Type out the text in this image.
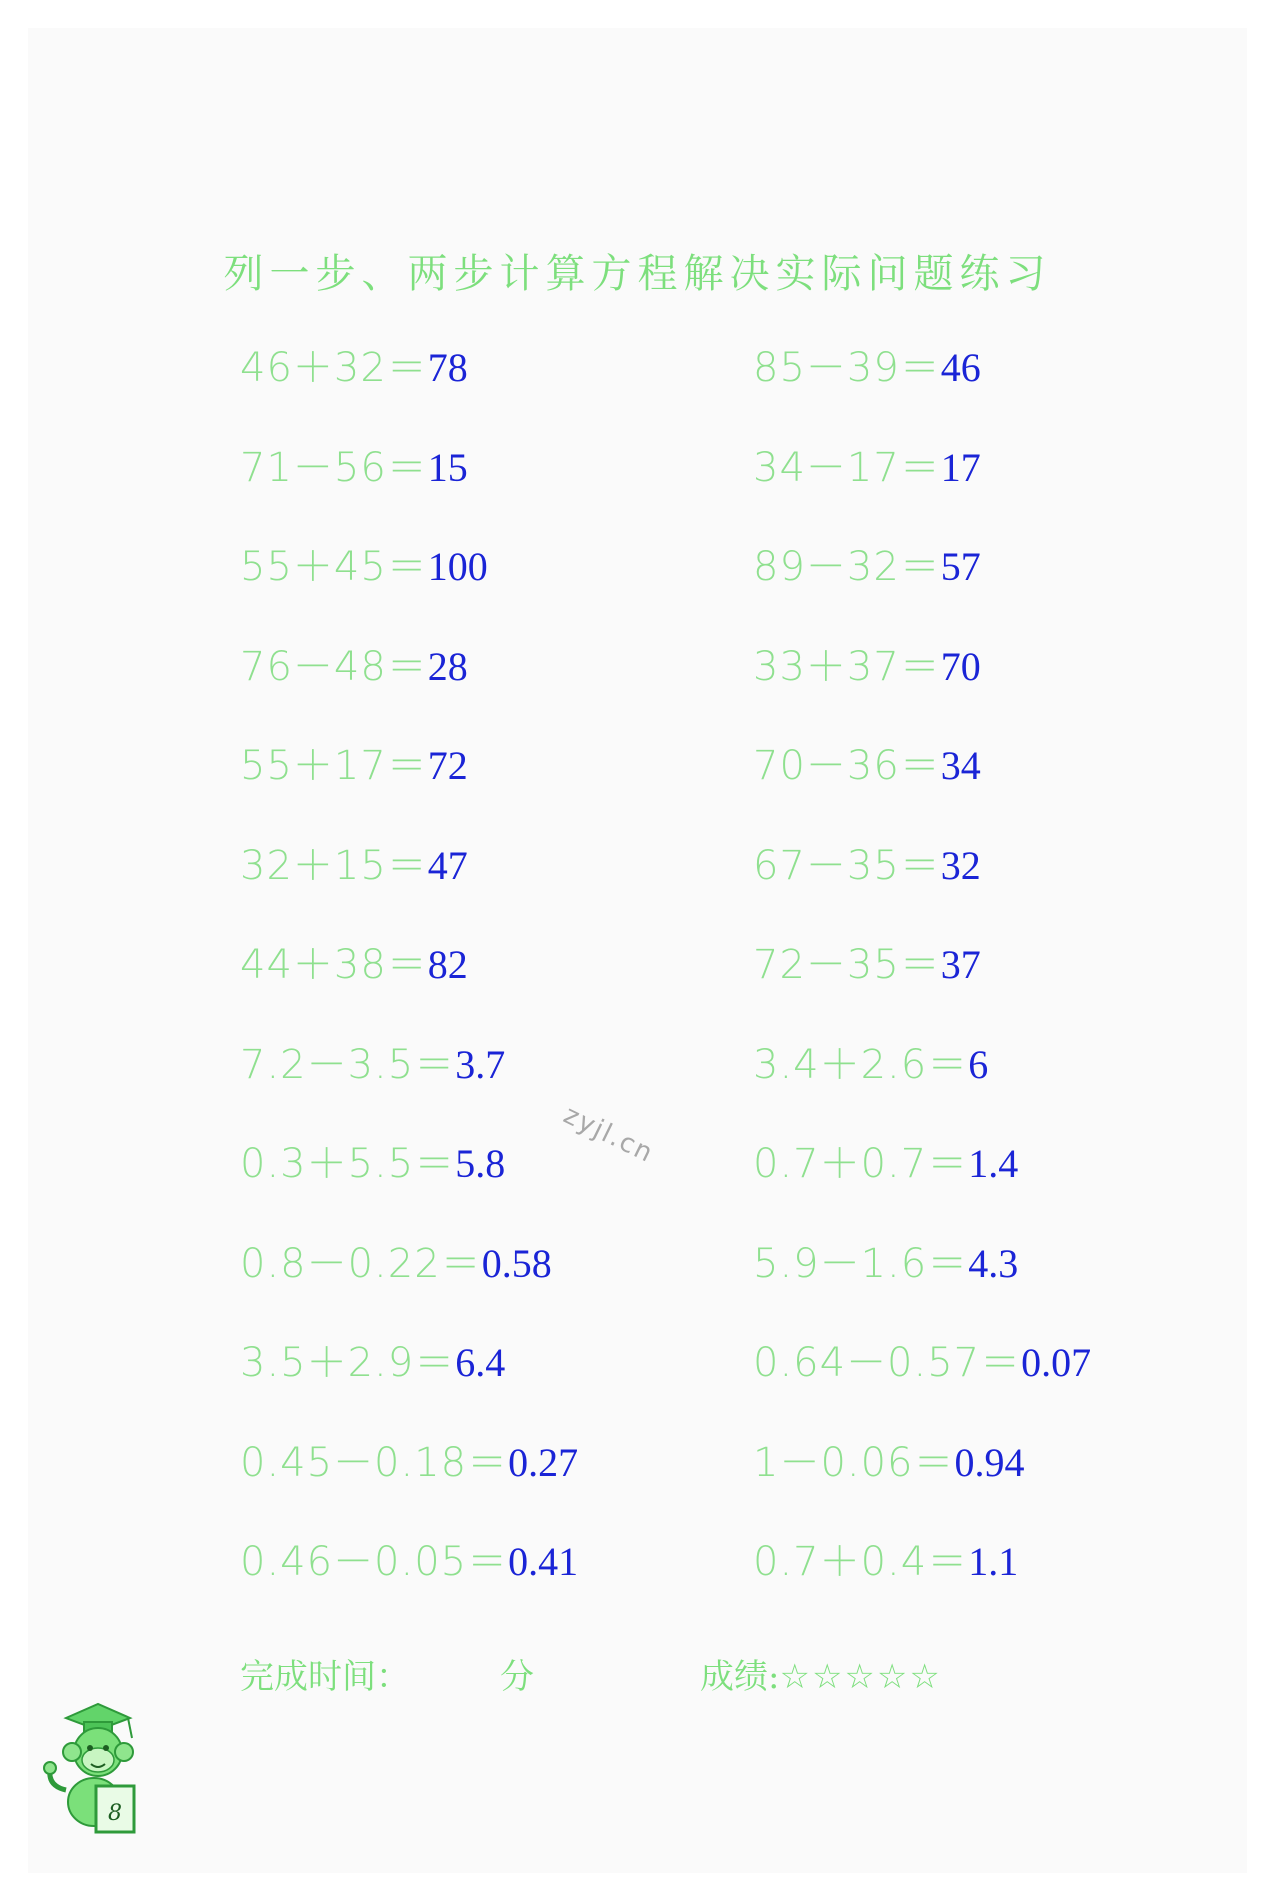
列一步、两步计算方程解决实际问题练习
46＋32＝78
71－56＝15
55＋45＝100
76－48＝28
55＋17＝72
32＋15＝47
44＋38＝82
7.2－3.5＝3.7
0.3＋5.5＝5.8
0.8－0.22＝0.58
3.5＋2.9＝6.4
0.45－0.18＝0.27
0.46－0.05＝0.41
85－39＝46
34－17＝17
89－32＝57
33＋37＝70
70－36＝34
67－35＝32
72－35＝37
3.4＋2.6＝6
0.7＋0.7＝1.4
5.9－1.6＝4.3
0.64－0.57＝0.07
1－0.06＝0.94
0.7＋0.4＝1.1
zyjl.cn
完成时间：	分	成绩:☆☆☆☆☆
8
